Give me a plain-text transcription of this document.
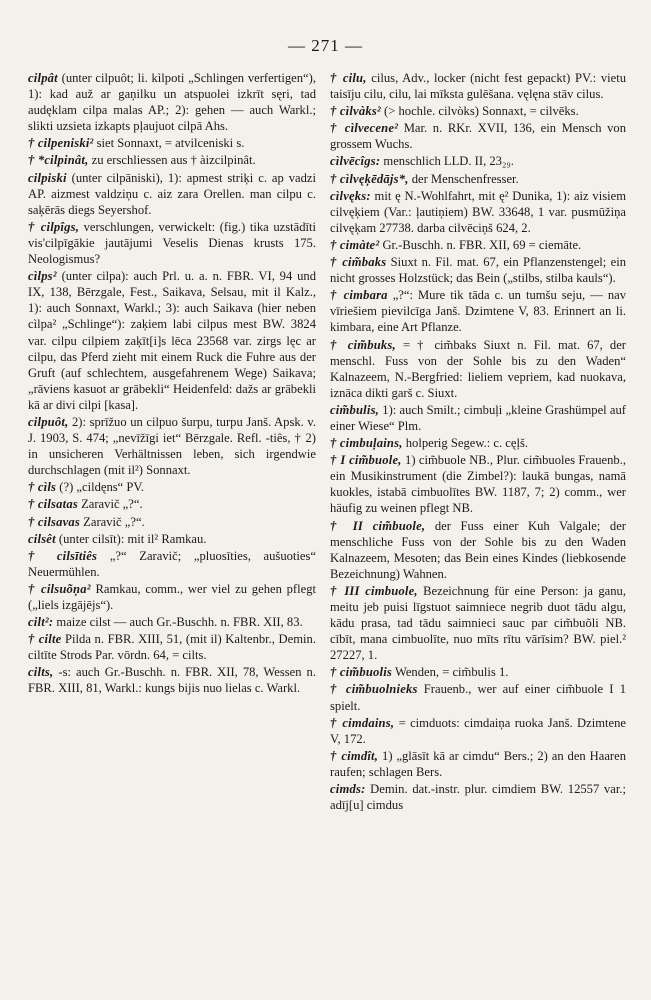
— 271 —
cilpât (unter cilpuôt; li. kìlpoti „Schlingen verfertigen“), 1): kad auž ar gaņilku un atspuolei izkrīt sęri, tad audęklam cilpa malas AP.; 2): gehen — auch Warkl.; slikti uzsieta izkapts pļaujuot cilpā Ahs.
† cilpeniski² siet Sonnaxt, = atvilceniski s.
† *cilpinât, zu erschliessen aus † àizcilpinât.
cilpiski (unter cilpāniski), 1): apmest striķi c. ap vadzi AP. aizmest valdziņu c. aiz zara Orellen. man cilpu c. saķērās diegs Seyershof.
† cilpîgs, verschlungen, verwickelt: (fig.) tika uzstādīti vis'cilpīgākie jautājumi Veselis Dienas krusts 175. Neologismus?
cìlps² (unter cilpa): auch Prl. u. a. n. FBR. VI, 94 und IX, 138, Bērzgale, Fest., Saikava, Selsau, mit il Kalz., 1): auch Sonnaxt, Warkl.; 3): auch Saikava (hier neben cìlpa² „Schlinge“): zaķiem labi cilpus mest BW. 3824 var. cilpu cilpiem zaķīt[i]s lēca 23568 var. zirgs lęc ar cilpu, das Pferd zieht mit einem Ruck die Fuhre aus der Gruft (auf schlechtem, ausgefahrenem Wege) Saikava; „rāviens kasuot ar grābekli“ Heidenfeld: dažs ar grābekli kā ar divi cilpi [kasa].
cilpuôt, 2): sprīžuo un cilpuo šurpu, turpu Janš. Apsk. v. J. 1903, S. 474; „nevīžīgi iet“ Bērzgale. Refl. -tiês, † 2) in unsicheren Verhältnissen leben, sich irgendwie durchschlagen (mit il²) Sonnaxt.
† cìls (?) „cildęns“ PV.
† cilsatas Zaravič „?“.
† cilsavas Zaravič „?“.
cilsêt (unter cilsīt): mit il² Ramkau.
† cilsītiês „?“ Zaravič; „pluosīties, aušuoties“ Neuermühlen.
† cilsuõņa² Ramkau, comm., wer viel zu gehen pflegt („liels izgājējs“).
cilt²: maize cilst — auch Gr.-Buschh. n. FBR. XII, 83.
† cilte Pilda n. FBR. XIII, 51, (mit il) Kaltenbr., Demin. ciltīte Strods Par. vōrdn. 64, = cilts.
cilts, -s: auch Gr.-Buschh. n. FBR. XII, 78, Wessen n. FBR. XIII, 81, Warkl.: kungs bijis nuo lielas c. Warkl.
† cilu, cilus, Adv., locker (nicht fest gepackt) PV.: vietu taisīju cilu, cilu, lai mīksta gulēšana. vęlęna stāv cilus.
† cìlvàks² (> hochle. cilvòks) Sonnaxt, = cilvēks.
† cìlvecene² Mar. n. RKr. XVII, 136, ein Mensch von grossem Wuchs.
cìlvēcîgs: menschlich LLD. II, 23₂₉.
† cìlvęķēdājs*, der Menschenfresser.
cìlvęks: mit ę N.-Wohlfahrt, mit ę² Dunika, 1): aiz visiem cilvęķiem (Var.: ļautiņiem) BW. 33648, 1 var. pusmūžiņa cilvęķam 27738. darba cilvēciņš 624, 2.
† cimàte² Gr.-Buschh. n. FBR. XII, 69 = ciemāte.
† cim̃baks Siuxt n. Fil. mat. 67, ein Pflanzenstengel; ein nicht grosses Holzstück; das Bein („stilbs, stilba kauls“).
† cimbara „?“: Mure tik tāda c. un tumšu seju, — nav vīriešiem pievilcīga Janš. Dzimtene V, 83. Erinnert an li. kimbara, eine Art Pflanze.
† cim̃buks, = † cim̃baks Siuxt n. Fil. mat. 67, der menschl. Fuss von der Sohle bis zu den Waden“ Kalnazeem, N.-Bergfried: lieliem vepriem, kad nuokava, iznāca dikti garš c. Siuxt.
cim̃bulis, 1): auch Smilt.; cimbuļi „kleine Grashümpel auf einer Wiese“ Plm.
† cimbuļains, holperig Segew.: c. cęļš.
† I cim̃buole, 1) cim̃buole NB., Plur. cim̃buoles Frauenb., ein Musikinstrument (die Zimbel?): laukā bungas, namā kuokles, istabā cimbuolītes BW. 1187, 7; 2) comm., wer häufig zu weinen pflegt NB.
† II cim̃buole, der Fuss einer Kuh Valgale; der menschliche Fuss von der Sohle bis zu den Waden Kalnazeem, Mesoten; das Bein eines Kindes (liebkosende Bezeichnung) Wahnen.
† III cimbuole, Bezeichnung für eine Person: ja ganu, meitu jeb puisi līgstuot saimniece negrib duot tādu algu, kādu prasa, tad tādu saimnieci sauc par cim̃buõli NB. cībīt, mana cimbuolīte, nuo mīts rītu vārīsim? BW. piel.² 27227, 1.
† cim̃buolis Wenden, = cim̃bulis 1.
† cim̃buolnieks Frauenb., wer auf einer cim̃buole I 1 spielt.
† cimdains, = cimduots: cimdaiņa ruoka Janš. Dzimtene V, 172.
† cimdît, 1) „glāsīt kā ar cimdu“ Bers.; 2) an den Haaren raufen; schlagen Bers.
cimds: Demin. dat.-instr. plur. cimdiem BW. 12557 var.; adīj[u] cimdus
